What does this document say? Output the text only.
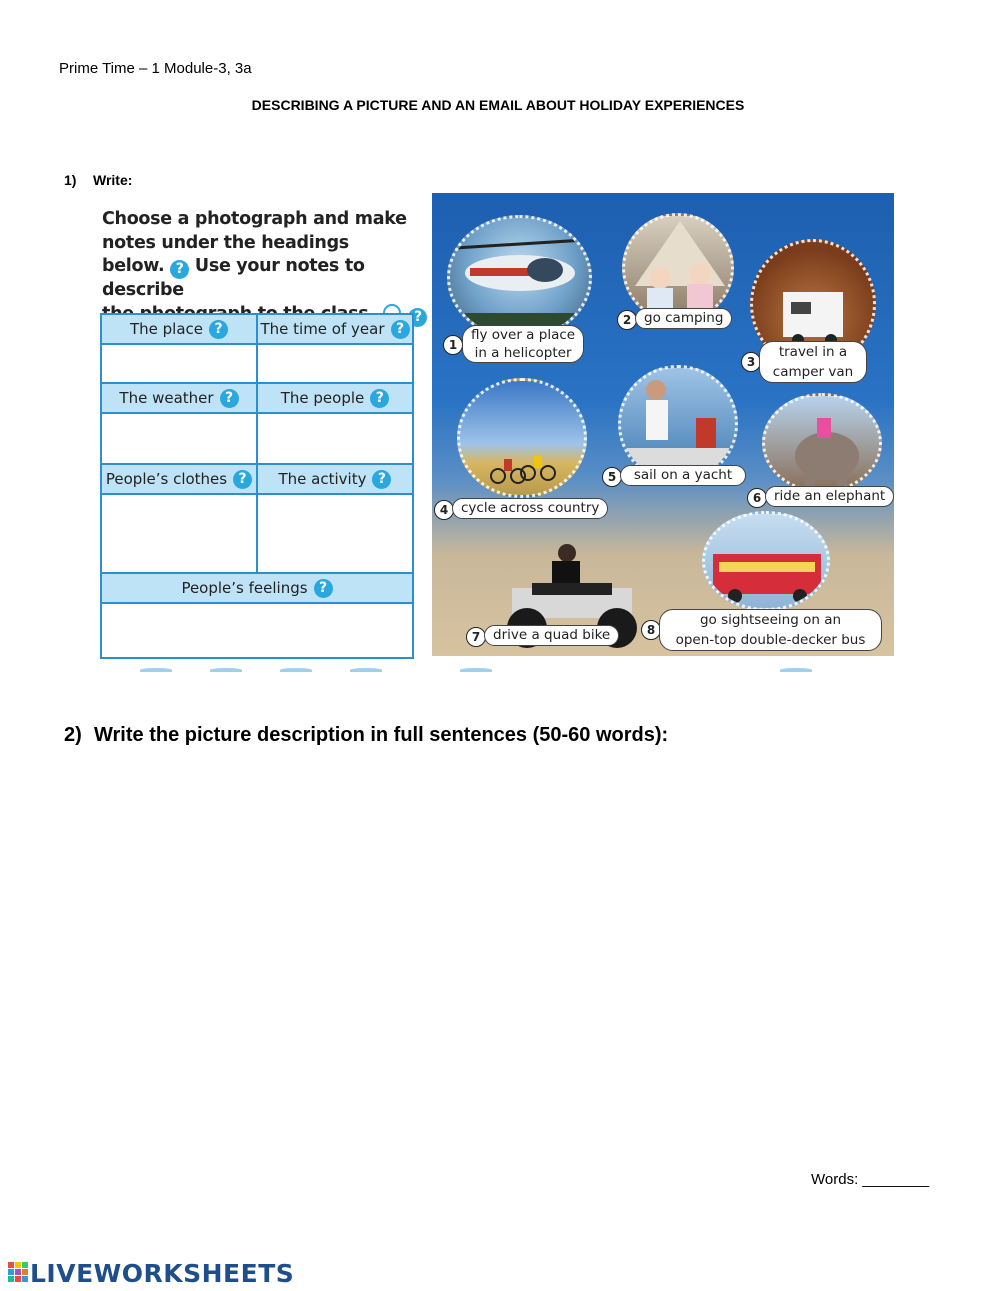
Prime Time – 1 Module-3, 3a
DESCRIBING A PICTURE AND AN EMAIL ABOUT HOLIDAY EXPERIENCES
1) Write:
Choose a photograph and make
notes under the headings
below. ? Use your notes to describe
?
The place ?	The time of year ?
The weather ?	The people ?
People’s clothes ?	The activity ?
People’s feelings ?
1
fly over a place
in a helicopter
2 go camping
3
travel in a
camper van
4 cycle across country
5	sail on a yacht
6 ride an elephant
7 drive a quad bike	8
go sightseeing on an
open-top double-decker bus
2) Write the picture description in full sentences (50-60 words):
Words: ________
LIVEWORKSHEETS
